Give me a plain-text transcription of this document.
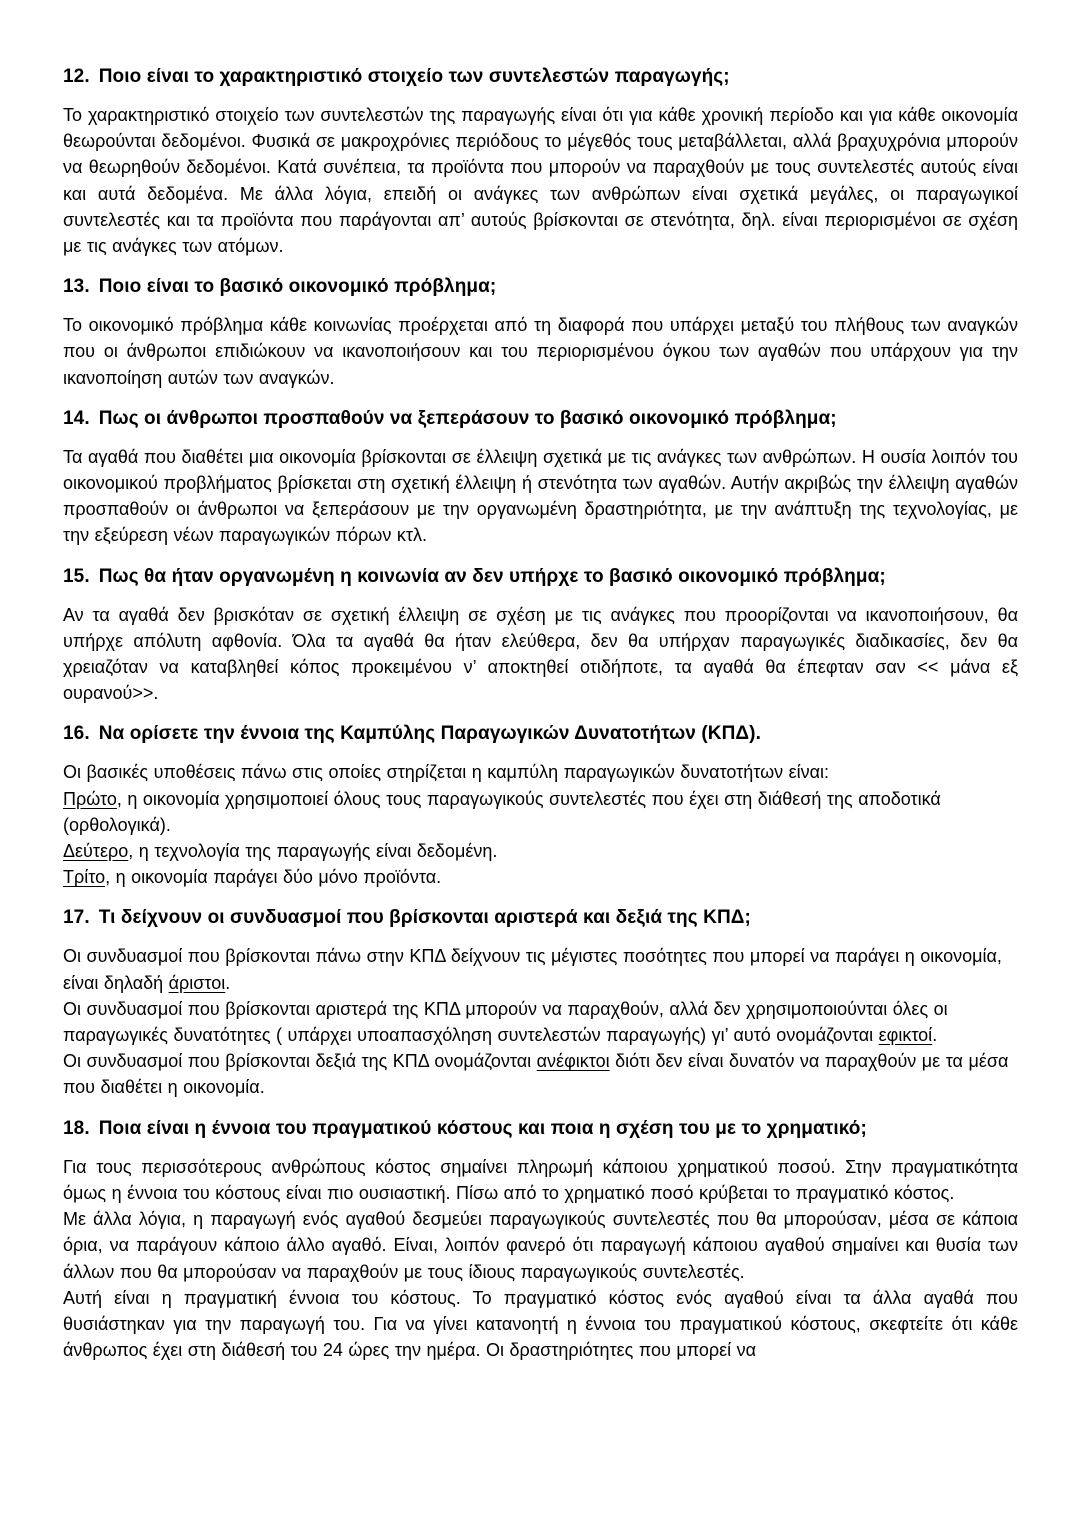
12. Ποιο είναι το χαρακτηριστικό στοιχείο των συντελεστών παραγωγής;

Το χαρακτηριστικό στοιχείο των συντελεστών της παραγωγής είναι ότι για κάθε χρονική περίοδο και για κάθε οικονομία θεωρούνται δεδομένοι. Φυσικά σε μακροχρόνιες περιόδους το μέγεθός τους μεταβάλλεται, αλλά βραχυχρόνια μπορούν να θεωρηθούν δεδομένοι. Κατά συνέπεια, τα προϊόντα που μπορούν να παραχθούν με τους συντελεστές αυτούς είναι και αυτά δεδομένα. Με άλλα λόγια, επειδή οι ανάγκες των ανθρώπων είναι σχετικά μεγάλες, οι παραγωγικοί συντελεστές και τα προϊόντα που παράγονται απ’ αυτούς βρίσκονται σε στενότητα, δηλ. είναι περιορισμένοι σε σχέση με τις ανάγκες των ατόμων.

13. Ποιο είναι το βασικό οικονομικό πρόβλημα;

Το οικονομικό πρόβλημα κάθε κοινωνίας προέρχεται από τη διαφορά που υπάρχει μεταξύ του πλήθους των αναγκών που οι άνθρωποι επιδιώκουν να ικανοποιήσουν και του περιορισμένου όγκου των αγαθών που υπάρχουν για την ικανοποίηση αυτών των αναγκών.

14. Πως οι άνθρωποι προσπαθούν να ξεπεράσουν το βασικό οικονομικό πρόβλημα;

Τα αγαθά που διαθέτει μια οικονομία βρίσκονται σε έλλειψη σχετικά με τις ανάγκες των ανθρώπων. Η ουσία λοιπόν του οικονομικού προβλήματος βρίσκεται στη σχετική έλλειψη ή στενότητα των αγαθών. Αυτήν ακριβώς την έλλειψη αγαθών προσπαθούν οι άνθρωποι να ξεπεράσουν με την οργανωμένη δραστηριότητα, με την ανάπτυξη της τεχνολογίας, με την εξεύρεση νέων παραγωγικών πόρων κτλ.

15. Πως θα ήταν οργανωμένη η κοινωνία αν δεν υπήρχε το βασικό οικονομικό πρόβλημα;

Αν τα αγαθά δεν βρισκόταν σε σχετική έλλειψη σε σχέση με τις ανάγκες που προορίζονται να ικανοποιήσουν, θα υπήρχε απόλυτη αφθονία. Όλα τα αγαθά θα ήταν ελεύθερα, δεν θα υπήρχαν παραγωγικές διαδικασίες, δεν θα χρειαζόταν να καταβληθεί κόπος προκειμένου ν’ αποκτηθεί οτιδήποτε, τα αγαθά θα έπεφταν σαν << μάνα εξ ουρανού>>.

16. Να ορίσετε την έννοια της Καμπύλης Παραγωγικών Δυνατοτήτων (ΚΠΔ).

Οι βασικές υποθέσεις πάνω στις οποίες στηρίζεται η καμπύλη παραγωγικών δυνατοτήτων είναι:

Πρώτο, η οικονομία χρησιμοποιεί όλους τους παραγωγικούς συντελεστές που έχει στη διάθεσή της αποδοτικά (ορθολογικά).

Δεύτερο, η τεχνολογία της παραγωγής είναι δεδομένη.

Τρίτο, η οικονομία παράγει δύο μόνο προϊόντα.

17. Τι δείχνουν οι συνδυασμοί που βρίσκονται αριστερά και δεξιά της ΚΠΔ;

Οι συνδυασμοί που βρίσκονται πάνω στην ΚΠΔ δείχνουν τις μέγιστες ποσότητες που μπορεί να παράγει η οικονομία, είναι δηλαδή άριστοι.

Οι συνδυασμοί που βρίσκονται αριστερά της ΚΠΔ μπορούν να παραχθούν, αλλά δεν χρησιμοποιούνται όλες οι παραγωγικές δυνατότητες ( υπάρχει υποαπασχόληση συντελεστών παραγωγής) γι’ αυτό ονομάζονται εφικτοί.

Οι συνδυασμοί που βρίσκονται δεξιά της ΚΠΔ ονομάζονται ανέφικτοι διότι δεν είναι δυνατόν να παραχθούν με τα μέσα που διαθέτει η οικονομία.

18. Ποια είναι η έννοια του πραγματικού κόστους και ποια η σχέση του με το χρηματικό;

Για τους περισσότερους ανθρώπους κόστος σημαίνει πληρωμή κάποιου χρηματικού ποσού. Στην πραγματικότητα όμως η έννοια του κόστους είναι πιο ουσιαστική. Πίσω από το χρηματικό ποσό κρύβεται το πραγματικό κόστος.

Με άλλα λόγια, η παραγωγή ενός αγαθού δεσμεύει παραγωγικούς συντελεστές που θα μπορούσαν, μέσα σε κάποια όρια, να παράγουν κάποιο άλλο αγαθό. Είναι, λοιπόν φανερό ότι παραγωγή κάποιου αγαθού σημαίνει και θυσία των άλλων που θα μπορούσαν να παραχθούν με τους ίδιους παραγωγικούς συντελεστές.

Αυτή είναι η πραγματική έννοια του κόστους. Το πραγματικό κόστος ενός αγαθού είναι τα άλλα αγαθά που θυσιάστηκαν για την παραγωγή του. Για να γίνει κατανοητή η έννοια του πραγματικού κόστους, σκεφτείτε ότι κάθε άνθρωπος έχει στη διάθεσή του 24 ώρες την ημέρα. Οι δραστηριότητες που μπορεί να
